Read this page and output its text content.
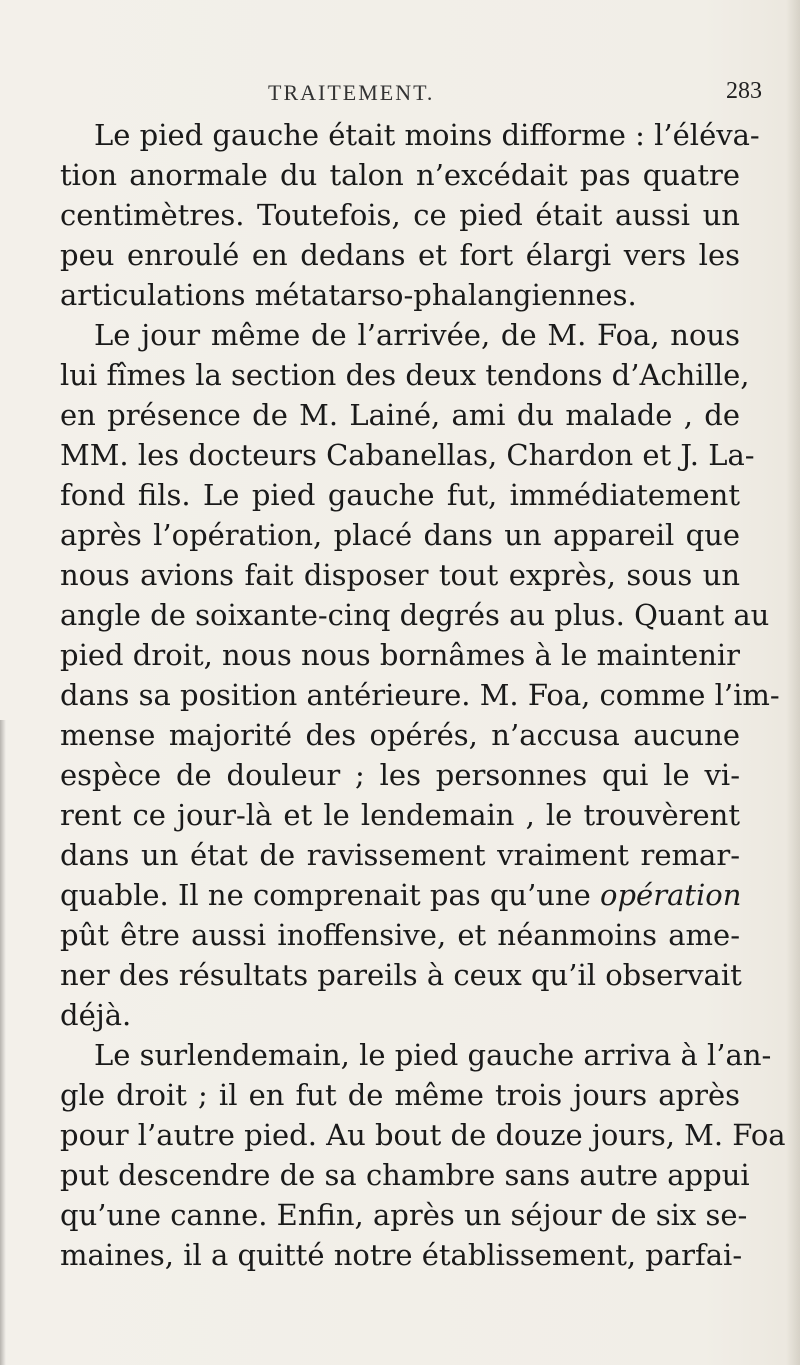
TRAITEMENT.	283
Le pied gauche était moins difforme : l’éléva-
tion anormale du talon n’excédait pas quatre
centimètres. Toutefois, ce pied était aussi un
peu enroulé en dedans et fort élargi vers les
articulations métatarso-phalangiennes.
Le jour même de l’arrivée, de M. Foa, nous
lui fîmes la section des deux tendons d’Achille,
en présence de M. Lainé, ami du malade , de
MM. les docteurs Cabanellas, Chardon et J. La-
fond fils. Le pied gauche fut, immédiatement
après l’opération, placé dans un appareil que
nous avions fait disposer tout exprès, sous un
angle de soixante-cinq degrés au plus. Quant au
pied droit, nous nous bornâmes à le maintenir
dans sa position antérieure. M. Foa, comme l’im-
mense majorité des opérés, n’accusa aucune
espèce de douleur ; les personnes qui le vi-
rent ce jour-là et le lendemain , le trouvèrent
dans un état de ravissement vraiment remar-
quable. Il ne comprenait pas qu’une opération
pût être aussi inoffensive, et néanmoins ame-
ner des résultats pareils à ceux qu’il observait
déjà.
Le surlendemain, le pied gauche arriva à l’an-
gle droit ; il en fut de même trois jours après
pour l’autre pied. Au bout de douze jours, M. Foa
put descendre de sa chambre sans autre appui
qu’une canne. Enfin, après un séjour de six se-
maines, il a quitté notre établissement, parfai-
